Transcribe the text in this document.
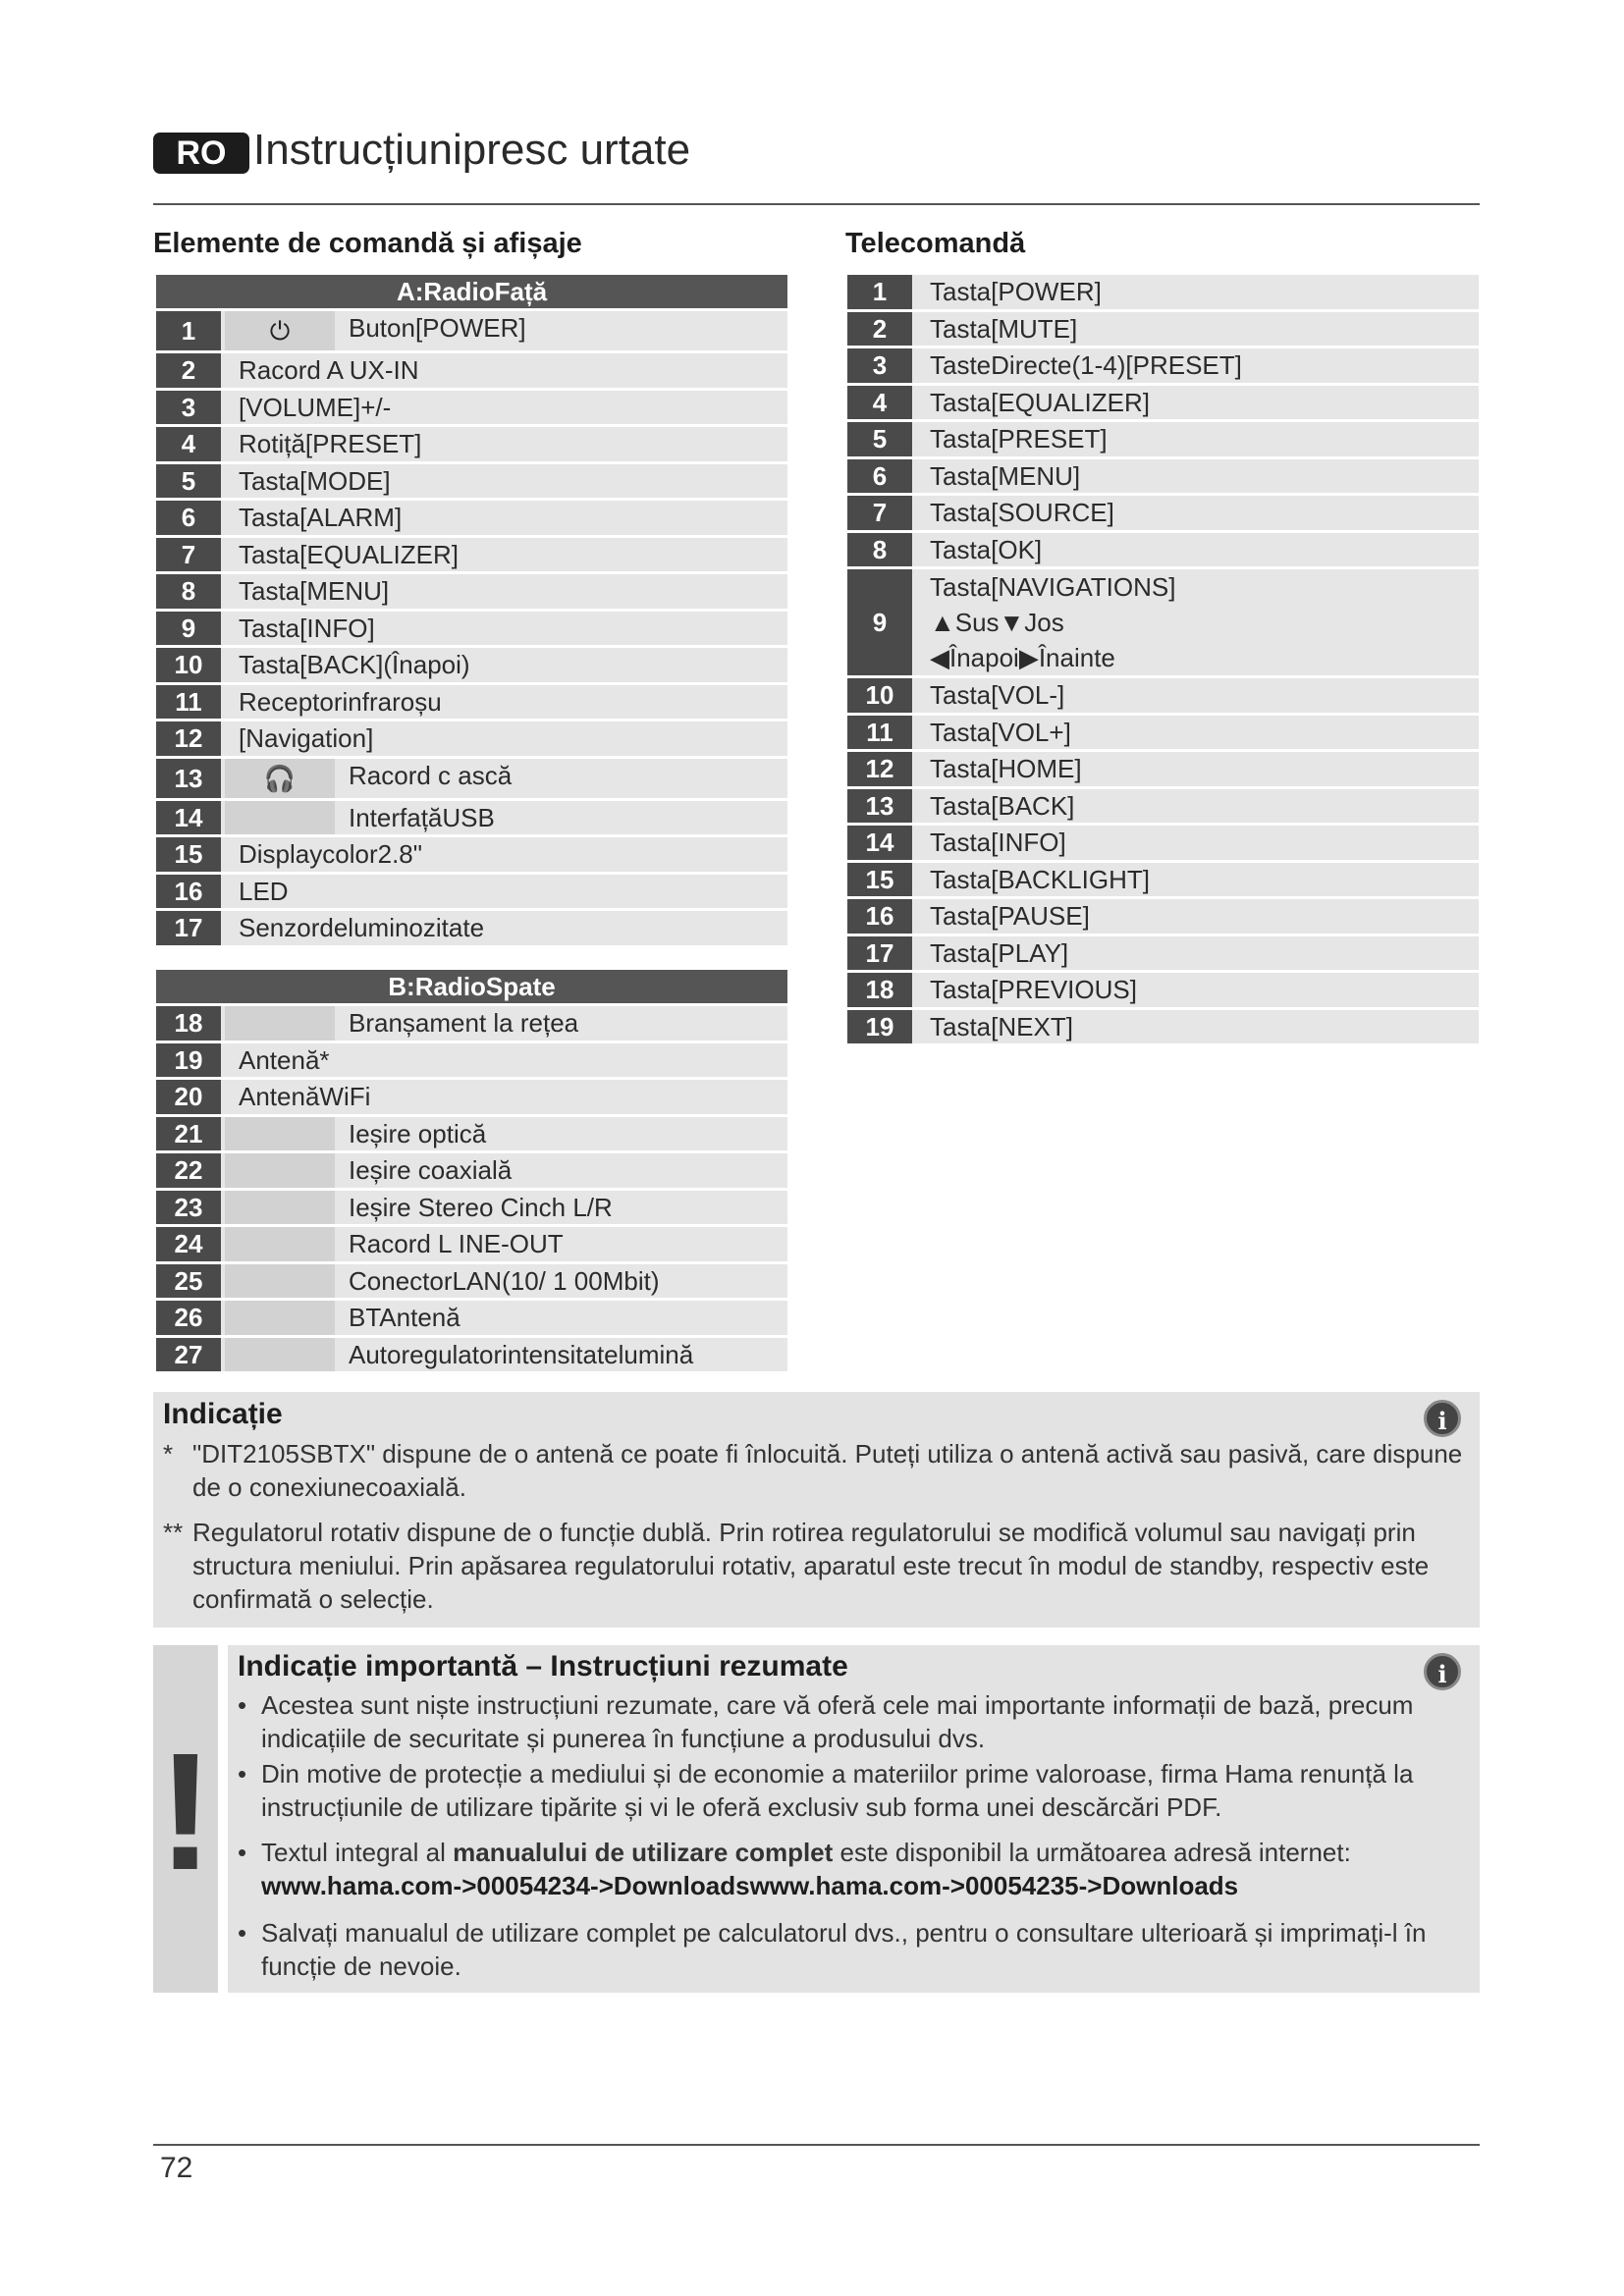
RO Instrucțiunipresc urtate
Elemente de comandă și afișaje
A:RadioFață
1	⏻	Buton[POWER]
2	Racord A UX-IN
3	[VOLUME]+/-
4	Rotiță[PRESET]
5	Tasta[MODE]
6	Tasta[ALARM]
7	Tasta[EQUALIZER]
8	Tasta[MENU]
9	Tasta[INFO]
10	Tasta[BACK](Înapoi)
11	Receptorinfraroșu
12	[Navigation]
13	🎧	Racord c ască
14	InterfațăUSB
15	Displaycolor2.8"
16	LED
17	Senzordeluminozitate
B:RadioSpate
18	Branșament la rețea
19	Antenă*
20	AntenăWiFi
21	Ieșire optică
22	Ieșire coaxială
23	Ieșire Stereo Cinch L/R
24	Racord L INE-OUT
25	ConectorLAN(10/ 1 00Mbit)
26	BTAntenă
27	Autoregulatorintensitatelumină
Telecomandă
1	Tasta[POWER]
2	Tasta[MUTE]
3	TasteDirecte(1-4)[PRESET]
4	Tasta[EQUALIZER]
5	Tasta[PRESET]
6	Tasta[MENU]
7	Tasta[SOURCE]
8	Tasta[OK]
9
Tasta[NAVIGATIONS]
▲Sus▼Jos
◀Înapoi▶Înainte
10	Tasta[VOL-]
11	Tasta[VOL+]
12	Tasta[HOME]
13	Tasta[BACK]
14	Tasta[INFO]
15	Tasta[BACKLIGHT]
16	Tasta[PAUSE]
17	Tasta[PLAY]
18	Tasta[PREVIOUS]
19	Tasta[NEXT]
Indicație	i
* "DIT2105SBTX" dispune de o antenă ce poate fi înlocuită. Puteți utiliza o antenă activă sau pasivă, care dispune de o conexiunecoaxială.
** Regulatorul rotativ dispune de o funcție dublă. Prin rotirea regulatorului se modifică volumul sau navigați prin structura meniului. Prin apăsarea regulatorului rotativ, aparatul este trecut în modul de standby, respectiv este confirmată o selecție.
!
Indicație importantă – Instrucțiuni rezumate	i
• Acestea sunt niște instrucțiuni rezumate, care vă oferă cele mai importante informații de bază, precum indicațiile de securitate și punerea în funcțiune a produsului dvs.
• Din motive de protecție a mediului și de economie a materiilor prime valoroase, firma Hama renunță la instrucțiunile de utilizare tipărite și vi le oferă exclusiv sub forma unei descărcări PDF.
• Textul integral al manualului de utilizare complet este disponibil la următoarea adresă internet:
www.hama.com->00054234->Downloadswww.hama.com->00054235->Downloads
• Salvați manualul de utilizare complet pe calculatorul dvs., pentru o consultare ulterioară și imprimați-l în funcție de nevoie.
72
